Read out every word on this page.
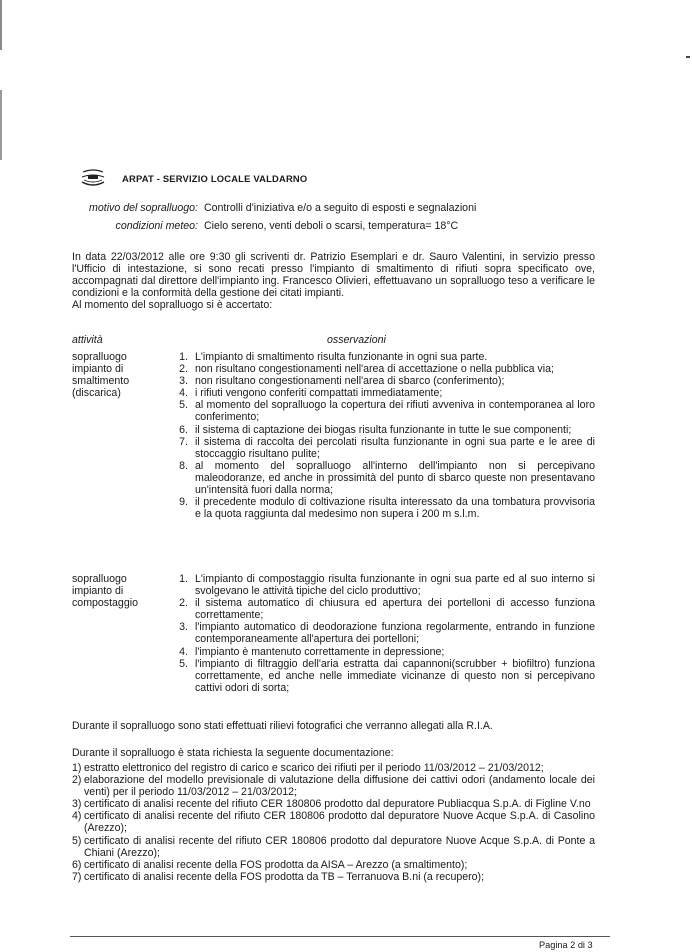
ARPAT - SERVIZIO LOCALE VALDARNO
motivo del sopralluogo: Controlli d'iniziativa e/o a seguito di esposti e segnalazioni
condizioni meteo: Cielo sereno, venti deboli o scarsi, temperatura= 18°C

In data 22/03/2012 alle ore 9:30 gli scriventi dr. Patrizio Esemplari e dr. Sauro Valentini, in servizio presso l'Ufficio di intestazione, si sono recati presso l'impianto di smaltimento di rifiuti sopra specificato ove, accompagnati dal direttore dell'impianto ing. Francesco Olivieri, effettuavano un sopralluogo teso a verificare le condizioni e la conformità della gestione dei citati impianti.

Al momento del sopralluogo si è accertato:

attività	osservazioni
sopralluogo
impianto di
smaltimento
(discarica)
1. L'impianto di smaltimento risulta funzionante in ogni sua parte.
2. non risultano congestionamenti nell'area di accettazione o nella pubblica via;
3. non risultano congestionamenti nell'area di sbarco (conferimento);
4. i rifiuti vengono conferiti compattati immediatamente;
5. al momento del sopralluogo la copertura dei rifiuti avveniva in contemporanea al loro conferimento;
6. il sistema di captazione dei biogas risulta funzionante in tutte le sue componenti;
7. il sistema di raccolta dei percolati risulta funzionante in ogni sua parte e le aree di stoccaggio risultano pulite;
8. al momento del sopralluogo all'interno dell'impianto non si percepivano maleodoranze, ed anche in prossimità del punto di sbarco queste non presentavano un'intensità fuori dalla norma;
9. il precedente modulo di coltivazione risulta interessato da una tombatura provvisoria e la quota raggiunta dal medesimo non supera i 200 m s.l.m.
sopralluogo
impianto di
compostaggio
1. L'impianto di compostaggio risulta funzionante in ogni sua parte ed al suo interno si svolgevano le attività tipiche del ciclo produttivo;
2. il sistema automatico di chiusura ed apertura dei portelloni di accesso funziona correttamente;
3. l'impianto automatico di deodorazione funziona regolarmente, entrando in funzione contemporaneamente all'apertura dei portelloni;
4. l'impianto è mantenuto correttamente in depressione;
5. l'impianto di filtraggio dell'aria estratta dai capannoni(scrubber + biofiltro) funziona correttamente, ed anche nelle immediate vicinanze di questo non si percepivano cattivi odori di sorta;
Durante il sopralluogo sono stati effettuati rilievi fotografici che verranno allegati alla R.I.A.
Durante il sopralluogo è stata richiesta la seguente documentazione:
1) estratto elettronico del registro di carico e scarico dei rifiuti per il periodo 11/03/2012 – 21/03/2012;
2) elaborazione del modello previsionale di valutazione della diffusione dei cattivi odori (andamento locale dei venti) per il periodo 11/03/2012 – 21/03/2012;
3) certificato di analisi recente del rifiuto CER 180806 prodotto dal depuratore Publiacqua S.p.A. di Figline V.no
4) certificato di analisi recente del rifiuto CER 180806 prodotto dal depuratore Nuove Acque S.p.A. di Casolino (Arezzo);
5) certificato di analisi recente del rifiuto CER 180806 prodotto dal depuratore Nuove Acque S.p.A. di Ponte a Chiani (Arezzo);
6) certificato di analisi recente della FOS prodotta da AISA – Arezzo (a smaltimento);
7) certificato di analisi recente della FOS prodotta da TB – Terranuova B.ni (a recupero);
Pagina 2 di 3
